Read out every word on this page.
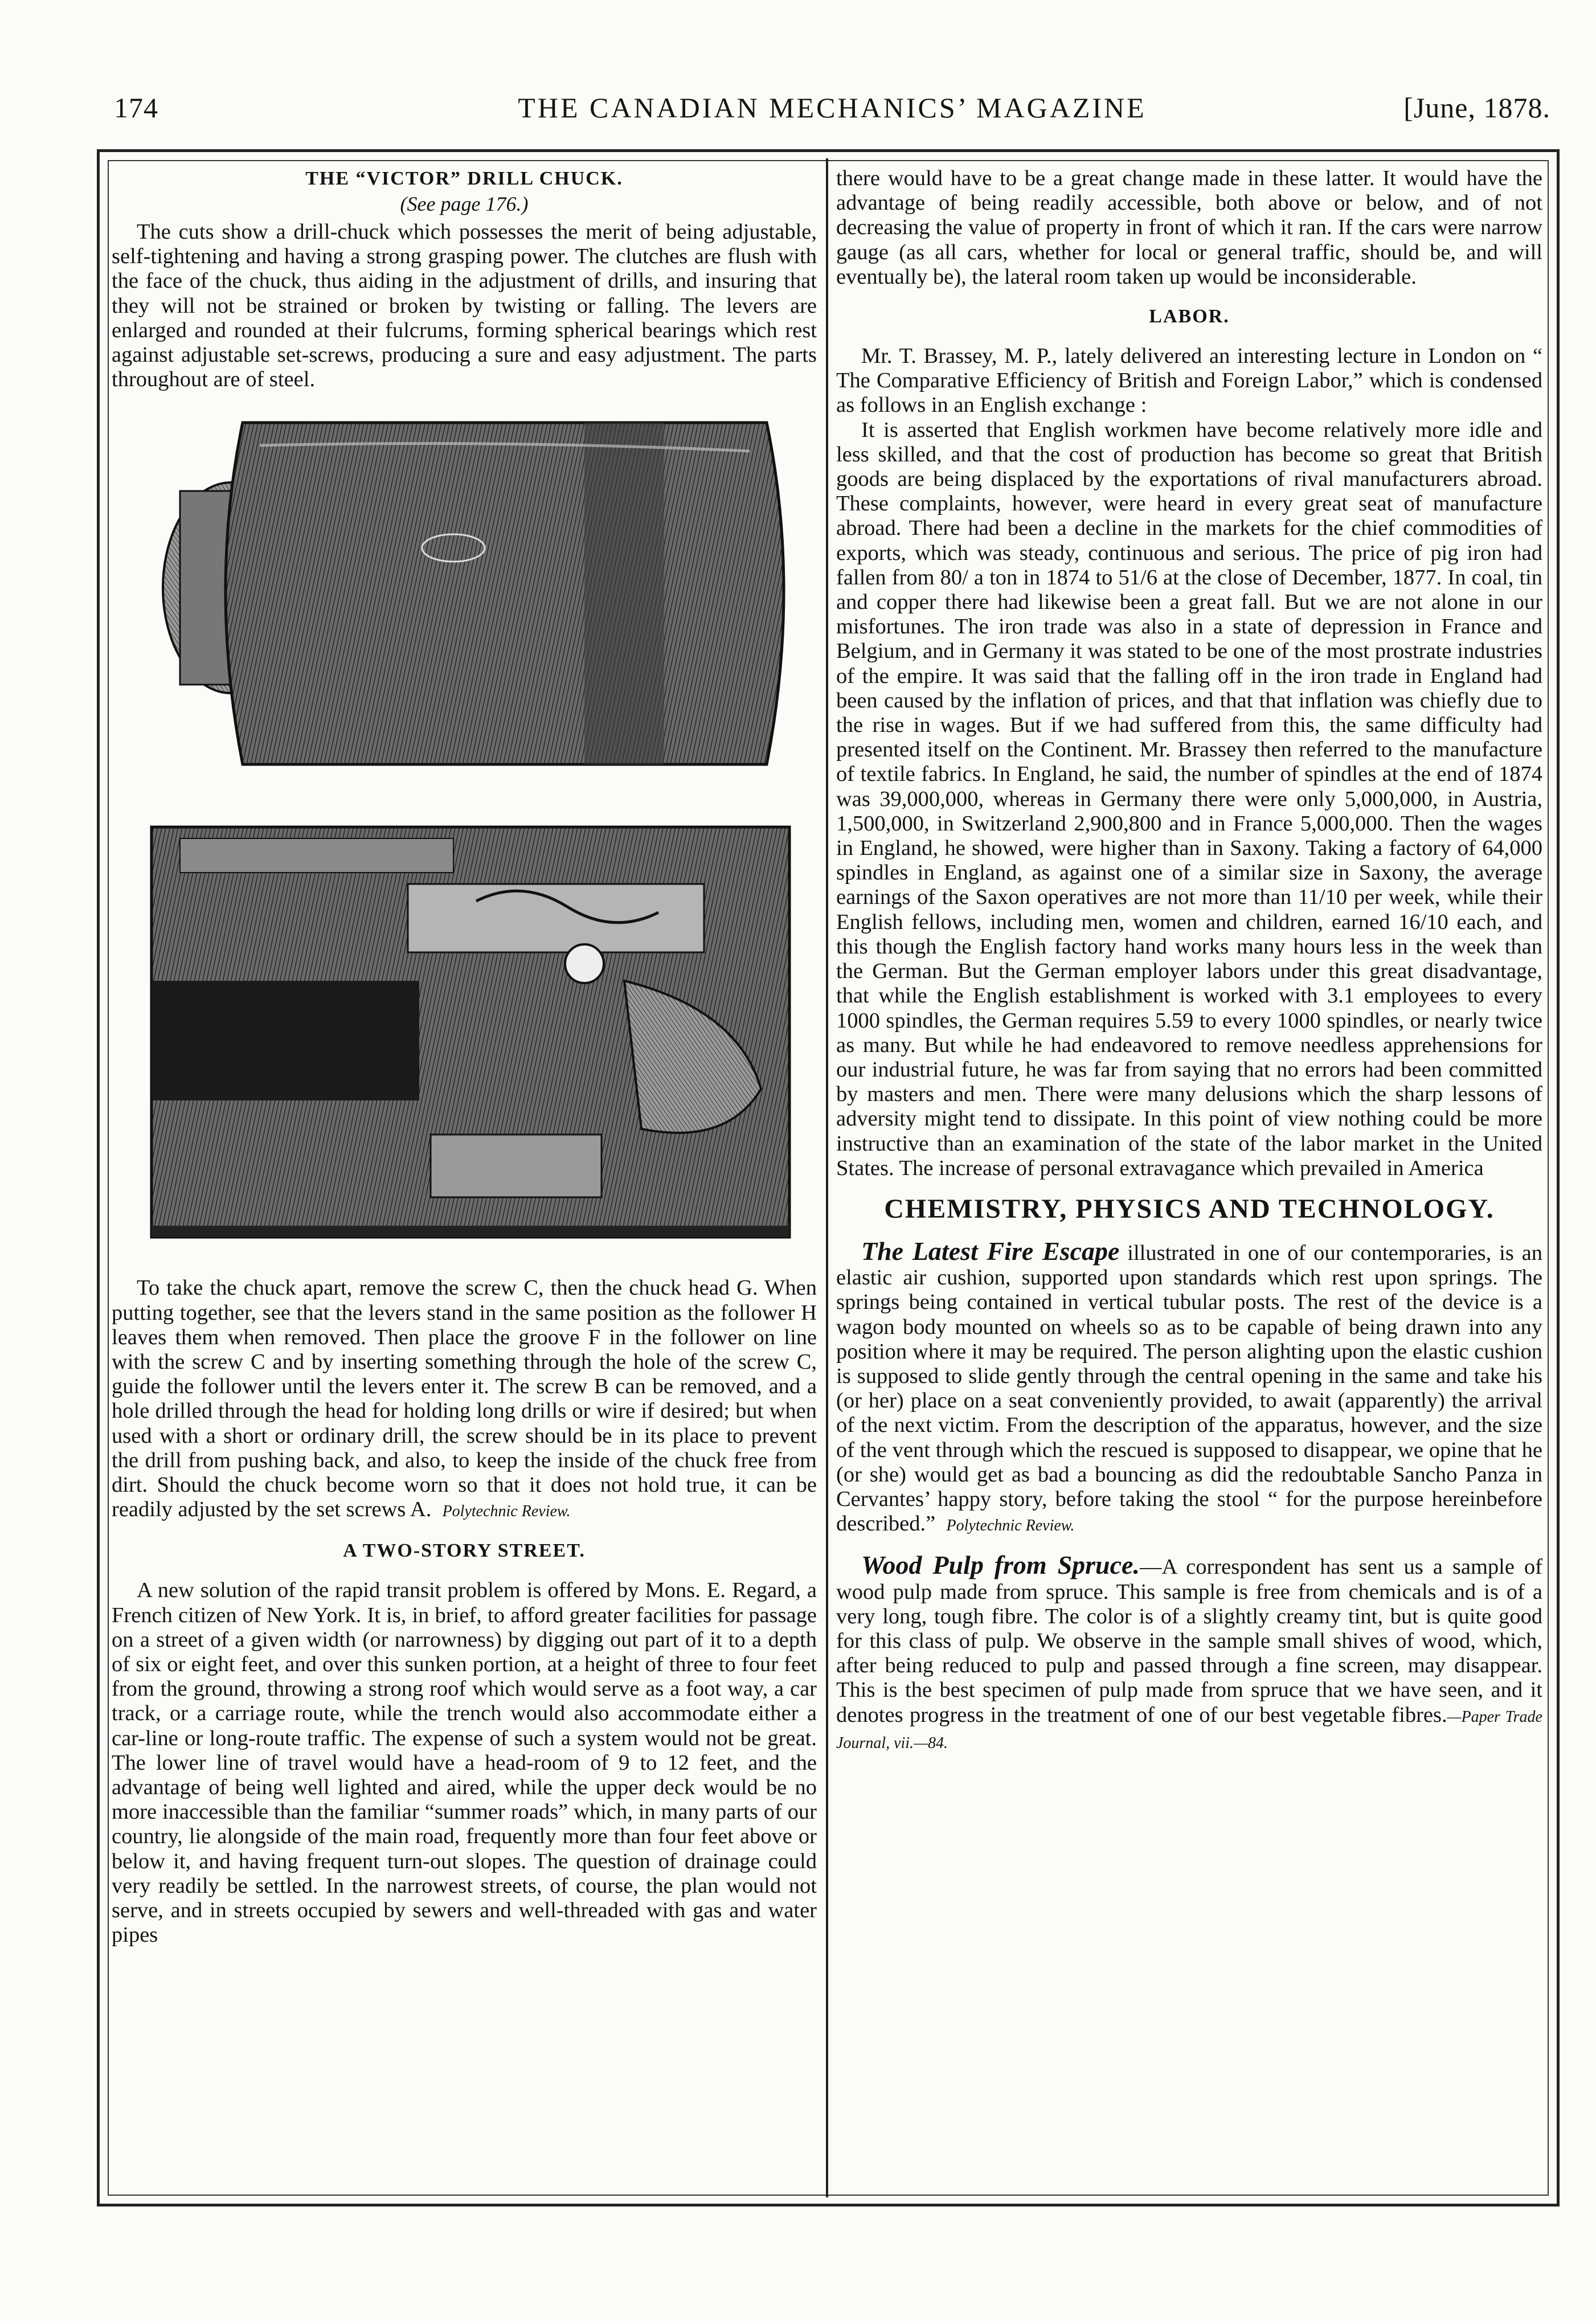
174	THE CANADIAN MECHANICS’ MAGAZINE	[June, 1878.
THE “VICTOR” DRILL CHUCK.
(See page 176.)

The cuts show a drill-chuck which possesses the merit of being adjustable, self-tightening and having a strong grasping power. The clutches are flush with the face of the chuck, thus aiding in the adjustment of drills, and insuring that they will not be strained or broken by twisting or falling. The levers are enlarged and rounded at their fulcrums, forming spherical bearings which rest against adjustable set-screws, producing a sure and easy adjustment. The parts throughout are of steel.

To take the chuck apart, remove the screw C, then the chuck head G. When putting together, see that the levers stand in the same position as the follower H leaves them when removed. Then place the groove F in the follower on line with the screw C and by inserting something through the hole of the screw C, guide the follower until the levers enter it. The screw B can be removed, and a hole drilled through the head for holding long drills or wire if desired; but when used with a short or ordinary drill, the screw should be in its place to prevent the drill from pushing back, and also, to keep the inside of the chuck free from dirt. Should the chuck become worn so that it does not hold true, it can be readily adjusted by the set screws A. Polytechnic Review.

A TWO-STORY STREET.

A new solution of the rapid transit problem is offered by Mons. E. Regard, a French citizen of New York. It is, in brief, to afford greater facilities for passage on a street of a given width (or narrowness) by digging out part of it to a depth of six or eight feet, and over this sunken portion, at a height of three to four feet from the ground, throwing a strong roof which would serve as a foot way, a car track, or a carriage route, while the trench would also accommodate either a car-line or long-route traffic. The expense of such a system would not be great. The lower line of travel would have a head-room of 9 to 12 feet, and the advantage of being well lighted and aired, while the upper deck would be no more inaccessible than the familiar “summer roads” which, in many parts of our country, lie alongside of the main road, frequently more than four feet above or below it, and having frequent turn-out slopes. The question of drainage could very readily be settled. In the narrowest streets, of course, the plan would not serve, and in streets occupied by sewers and well-threaded with gas and water pipes

there would have to be a great change made in these latter. It would have the advantage of being readily accessible, both above or below, and of not decreasing the value of property in front of which it ran. If the cars were narrow gauge (as all cars, whether for local or general traffic, should be, and will eventually be), the lateral room taken up would be inconsiderable.

LABOR.

Mr. T. Brassey, M. P., lately delivered an interesting lecture in London on “ The Comparative Efficiency of British and Foreign Labor,” which is condensed as follows in an English exchange :

It is asserted that English workmen have become relatively more idle and less skilled, and that the cost of production has become so great that British goods are being displaced by the exportations of rival manufacturers abroad. These complaints, however, were heard in every great seat of manufacture abroad. There had been a decline in the markets for the chief commodities of exports, which was steady, continuous and serious. The price of pig iron had fallen from 80/ a ton in 1874 to 51/6 at the close of December, 1877. In coal, tin and copper there had likewise been a great fall. But we are not alone in our misfortunes. The iron trade was also in a state of depression in France and Belgium, and in Germany it was stated to be one of the most prostrate industries of the empire. It was said that the falling off in the iron trade in England had been caused by the inflation of prices, and that that inflation was chiefly due to the rise in wages. But if we had suffered from this, the same difficulty had presented itself on the Continent. Mr. Brassey then referred to the manufacture of textile fabrics. In England, he said, the number of spindles at the end of 1874 was 39,000,000, whereas in Germany there were only 5,000,000, in Austria, 1,500,000, in Switzerland 2,900,800 and in France 5,000,000. Then the wages in England, he showed, were higher than in Saxony. Taking a factory of 64,000 spindles in England, as against one of a similar size in Saxony, the average earnings of the Saxon operatives are not more than 11/10 per week, while their English fellows, including men, women and children, earned 16/10 each, and this though the English factory hand works many hours less in the week than the German. But the German employer labors under this great disadvantage, that while the English establishment is worked with 3.1 employees to every 1000 spindles, the German requires 5.59 to every 1000 spindles, or nearly twice as many. But while he had endeavored to remove needless apprehensions for our industrial future, he was far from saying that no errors had been committed by masters and men. There were many delusions which the sharp lessons of adversity might tend to dissipate. In this point of view nothing could be more instructive than an examination of the state of the labor market in the United States. The increase of personal extravagance which prevailed in America

CHEMISTRY, PHYSICS AND TECHNOLOGY.

The Latest Fire Escape illustrated in one of our contemporaries, is an elastic air cushion, supported upon standards which rest upon springs. The springs being contained in vertical tubular posts. The rest of the device is a wagon body mounted on wheels so as to be capable of being drawn into any position where it may be required. The person alighting upon the elastic cushion is supposed to slide gently through the central opening in the same and take his (or her) place on a seat conveniently provided, to await (apparently) the arrival of the next victim. From the description of the apparatus, however, and the size of the vent through which the rescued is supposed to disappear, we opine that he (or she) would get as bad a bouncing as did the redoubtable Sancho Panza in Cervantes’ happy story, before taking the stool “ for the purpose hereinbefore described.” Polytechnic Review.

Wood Pulp from Spruce.—A correspondent has sent us a sample of wood pulp made from spruce. This sample is free from chemicals and is of a very long, tough fibre. The color is of a slightly creamy tint, but is quite good for this class of pulp. We observe in the sample small shives of wood, which, after being reduced to pulp and passed through a fine screen, may disappear. This is the best specimen of pulp made from spruce that we have seen, and it denotes progress in the treatment of one of our best vegetable fibres.—Paper Trade Journal, vii.—84.
